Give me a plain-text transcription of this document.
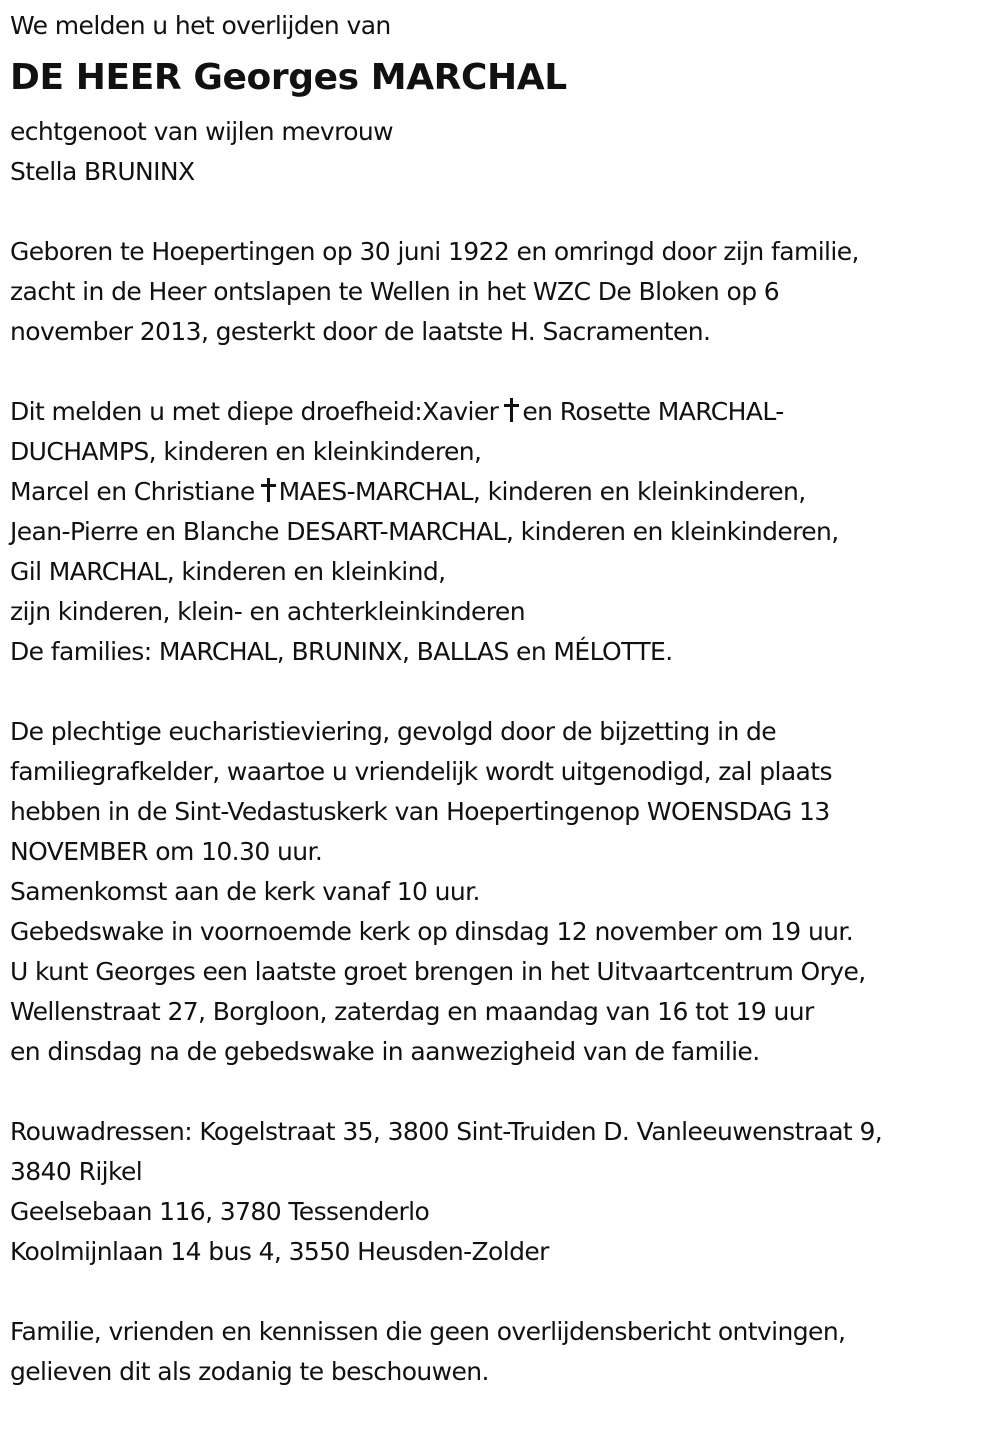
We melden u het overlijden van
DE HEER Georges MARCHAL
echtgenoot van wijlen mevrouw
Stella BRUNINX
Geboren te Hoepertingen op 30 juni 1922 en omringd door zijn familie,
zacht in de Heer ontslapen te Wellen in het WZC De Bloken op 6
november 2013, gesterkt door de laatste H. Sacramenten.
Dit melden u met diepe droefheid:Xavier en Rosette MARCHAL-
DUCHAMPS, kinderen en kleinkinderen,
Marcel en Christiane MAES-MARCHAL, kinderen en kleinkinderen,
Jean-Pierre en Blanche DESART-MARCHAL, kinderen en kleinkinderen,
Gil MARCHAL, kinderen en kleinkind,
zijn kinderen, klein- en achterkleinkinderen
De families: MARCHAL, BRUNINX, BALLAS en MÉLOTTE.
De plechtige eucharistieviering, gevolgd door de bijzetting in de
familiegrafkelder, waartoe u vriendelijk wordt uitgenodigd, zal plaats
hebben in de Sint-Vedastuskerk van Hoepertingenop WOENSDAG 13
NOVEMBER om 10.30 uur.
Samenkomst aan de kerk vanaf 10 uur.
Gebedswake in voornoemde kerk op dinsdag 12 november om 19 uur.
U kunt Georges een laatste groet brengen in het Uitvaartcentrum Orye,
Wellenstraat 27, Borgloon, zaterdag en maandag van 16 tot 19 uur
en dinsdag na de gebedswake in aanwezigheid van de familie.
Rouwadressen: Kogelstraat 35, 3800 Sint-Truiden D. Vanleeuwenstraat 9,
3840 Rijkel
Geelsebaan 116, 3780 Tessenderlo
Koolmijnlaan 14 bus 4, 3550 Heusden-Zolder
Familie, vrienden en kennissen die geen overlijdensbericht ontvingen,
gelieven dit als zodanig te beschouwen.
